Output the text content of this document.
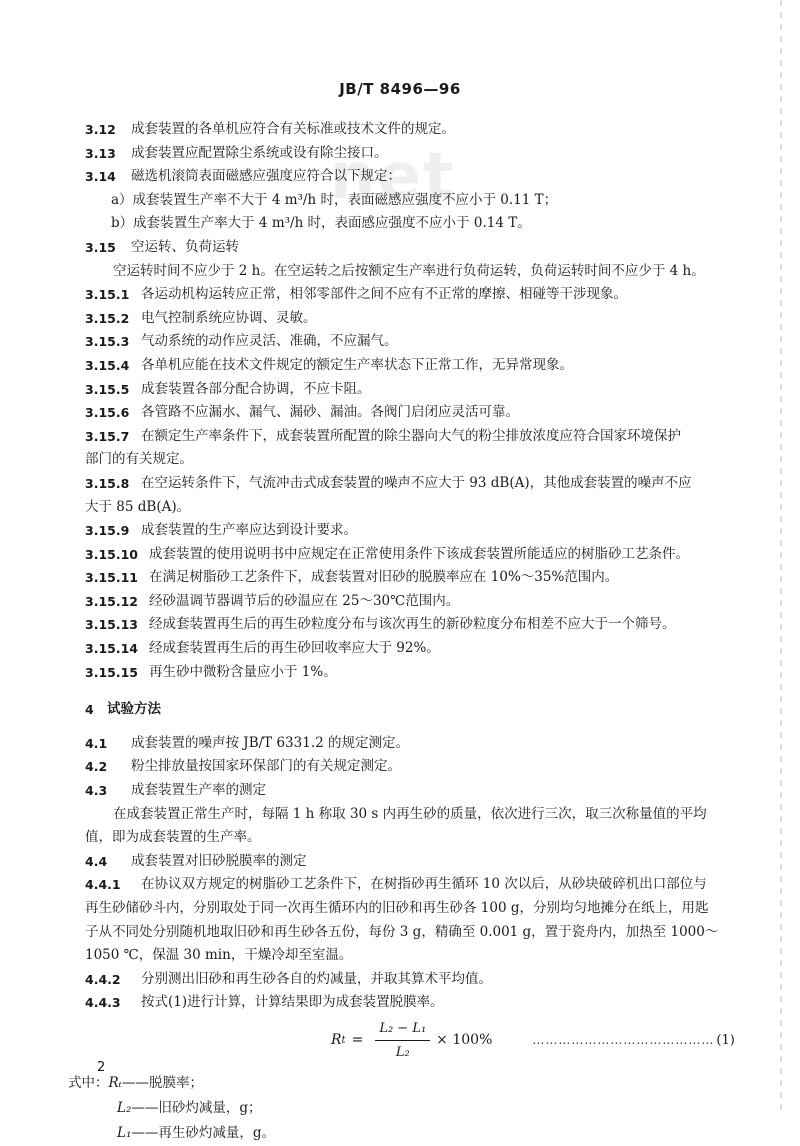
net
JB/T 8496—96
3.12	成套装置的各单机应符合有关标准或技术文件的规定。
3.13	成套装置应配置除尘系统或设有除尘接口。
3.14	磁选机滚筒表面磁感应强度应符合以下规定：
a）成套装置生产率不大于 4 m³/h 时，表面磁感应强度不应小于 0.11 T；
b）成套装置生产率大于 4 m³/h 时，表面感应强度不应小于 0.14 T。
3.15	空运转、负荷运转
空运转时间不应少于 2 h。在空运转之后按额定生产率进行负荷运转，负荷运转时间不应少于 4 h。
3.15.1 各运动机构运转应正常，相邻零部件之间不应有不正常的摩擦、相碰等干涉现象。
3.15.2 电气控制系统应协调、灵敏。
3.15.3 气动系统的动作应灵活、准确，不应漏气。
3.15.4 各单机应能在技术文件规定的额定生产率状态下正常工作，无异常现象。
3.15.5 成套装置各部分配合协调，不应卡阻。
3.15.6 各管路不应漏水、漏气、漏砂、漏油。各阀门启闭应灵活可靠。
3.15.7 在额定生产率条件下，成套装置所配置的除尘器向大气的粉尘排放浓度应符合国家环境保护
部门的有关规定。
3.15.8 在空运转条件下，气流冲击式成套装置的噪声不应大于 93 dB(A)，其他成套装置的噪声不应
大于 85 dB(A)。
3.15.9 成套装置的生产率应达到设计要求。
3.15.10 成套装置的使用说明书中应规定在正常使用条件下该成套装置所能适应的树脂砂工艺条件。
3.15.11 在满足树脂砂工艺条件下，成套装置对旧砂的脱膜率应在 10%～35%范围内。
3.15.12 经砂温调节器调节后的砂温应在 25～30℃范围内。
3.15.13 经成套装置再生后的再生砂粒度分布与该次再生的新砂粒度分布相差不应大于一个筛号。
3.15.14 经成套装置再生后的再生砂回收率应大于 92%。
3.15.15 再生砂中微粉含量应小于 1%。
4 试验方法
4.1	成套装置的噪声按 JB/T 6331.2 的规定测定。
4.2	粉尘排放量按国家环保部门的有关规定测定。
4.3	成套装置生产率的测定
在成套装置正常生产时，每隔 1 h 称取 30 s 内再生砂的质量，依次进行三次，取三次称量值的平均
值，即为成套装置的生产率。
4.4	成套装置对旧砂脱膜率的测定
4.4.1	在协议双方规定的树脂砂工艺条件下，在树指砂再生循环 10 次以后，从砂块破碎机出口部位与
再生砂储砂斗内，分别取处于同一次再生循环内的旧砂和再生砂各 100 g，分别均匀地摊分在纸上，用匙
子从不同处分别随机地取旧砂和再生砂各五份，每份 3 g，精确至 0.001 g，置于瓷舟内，加热至 1000～
1050 ℃，保温 30 min，干燥冷却至室温。
4.4.2	分别测出旧砂和再生砂各自的灼减量，并取其算术平均值。
4.4.3	按式(1)进行计算，计算结果即为成套装置脱膜率。
R $t = \frac{\text{L₂ − L₁}}{\text{L₂}} \times 100\%$	…………………………………… (1)
式中： Rₜ ——脱膜率；
L₂ ——旧砂灼减量，g；
L₁ ——再生砂灼减量，g。
2
